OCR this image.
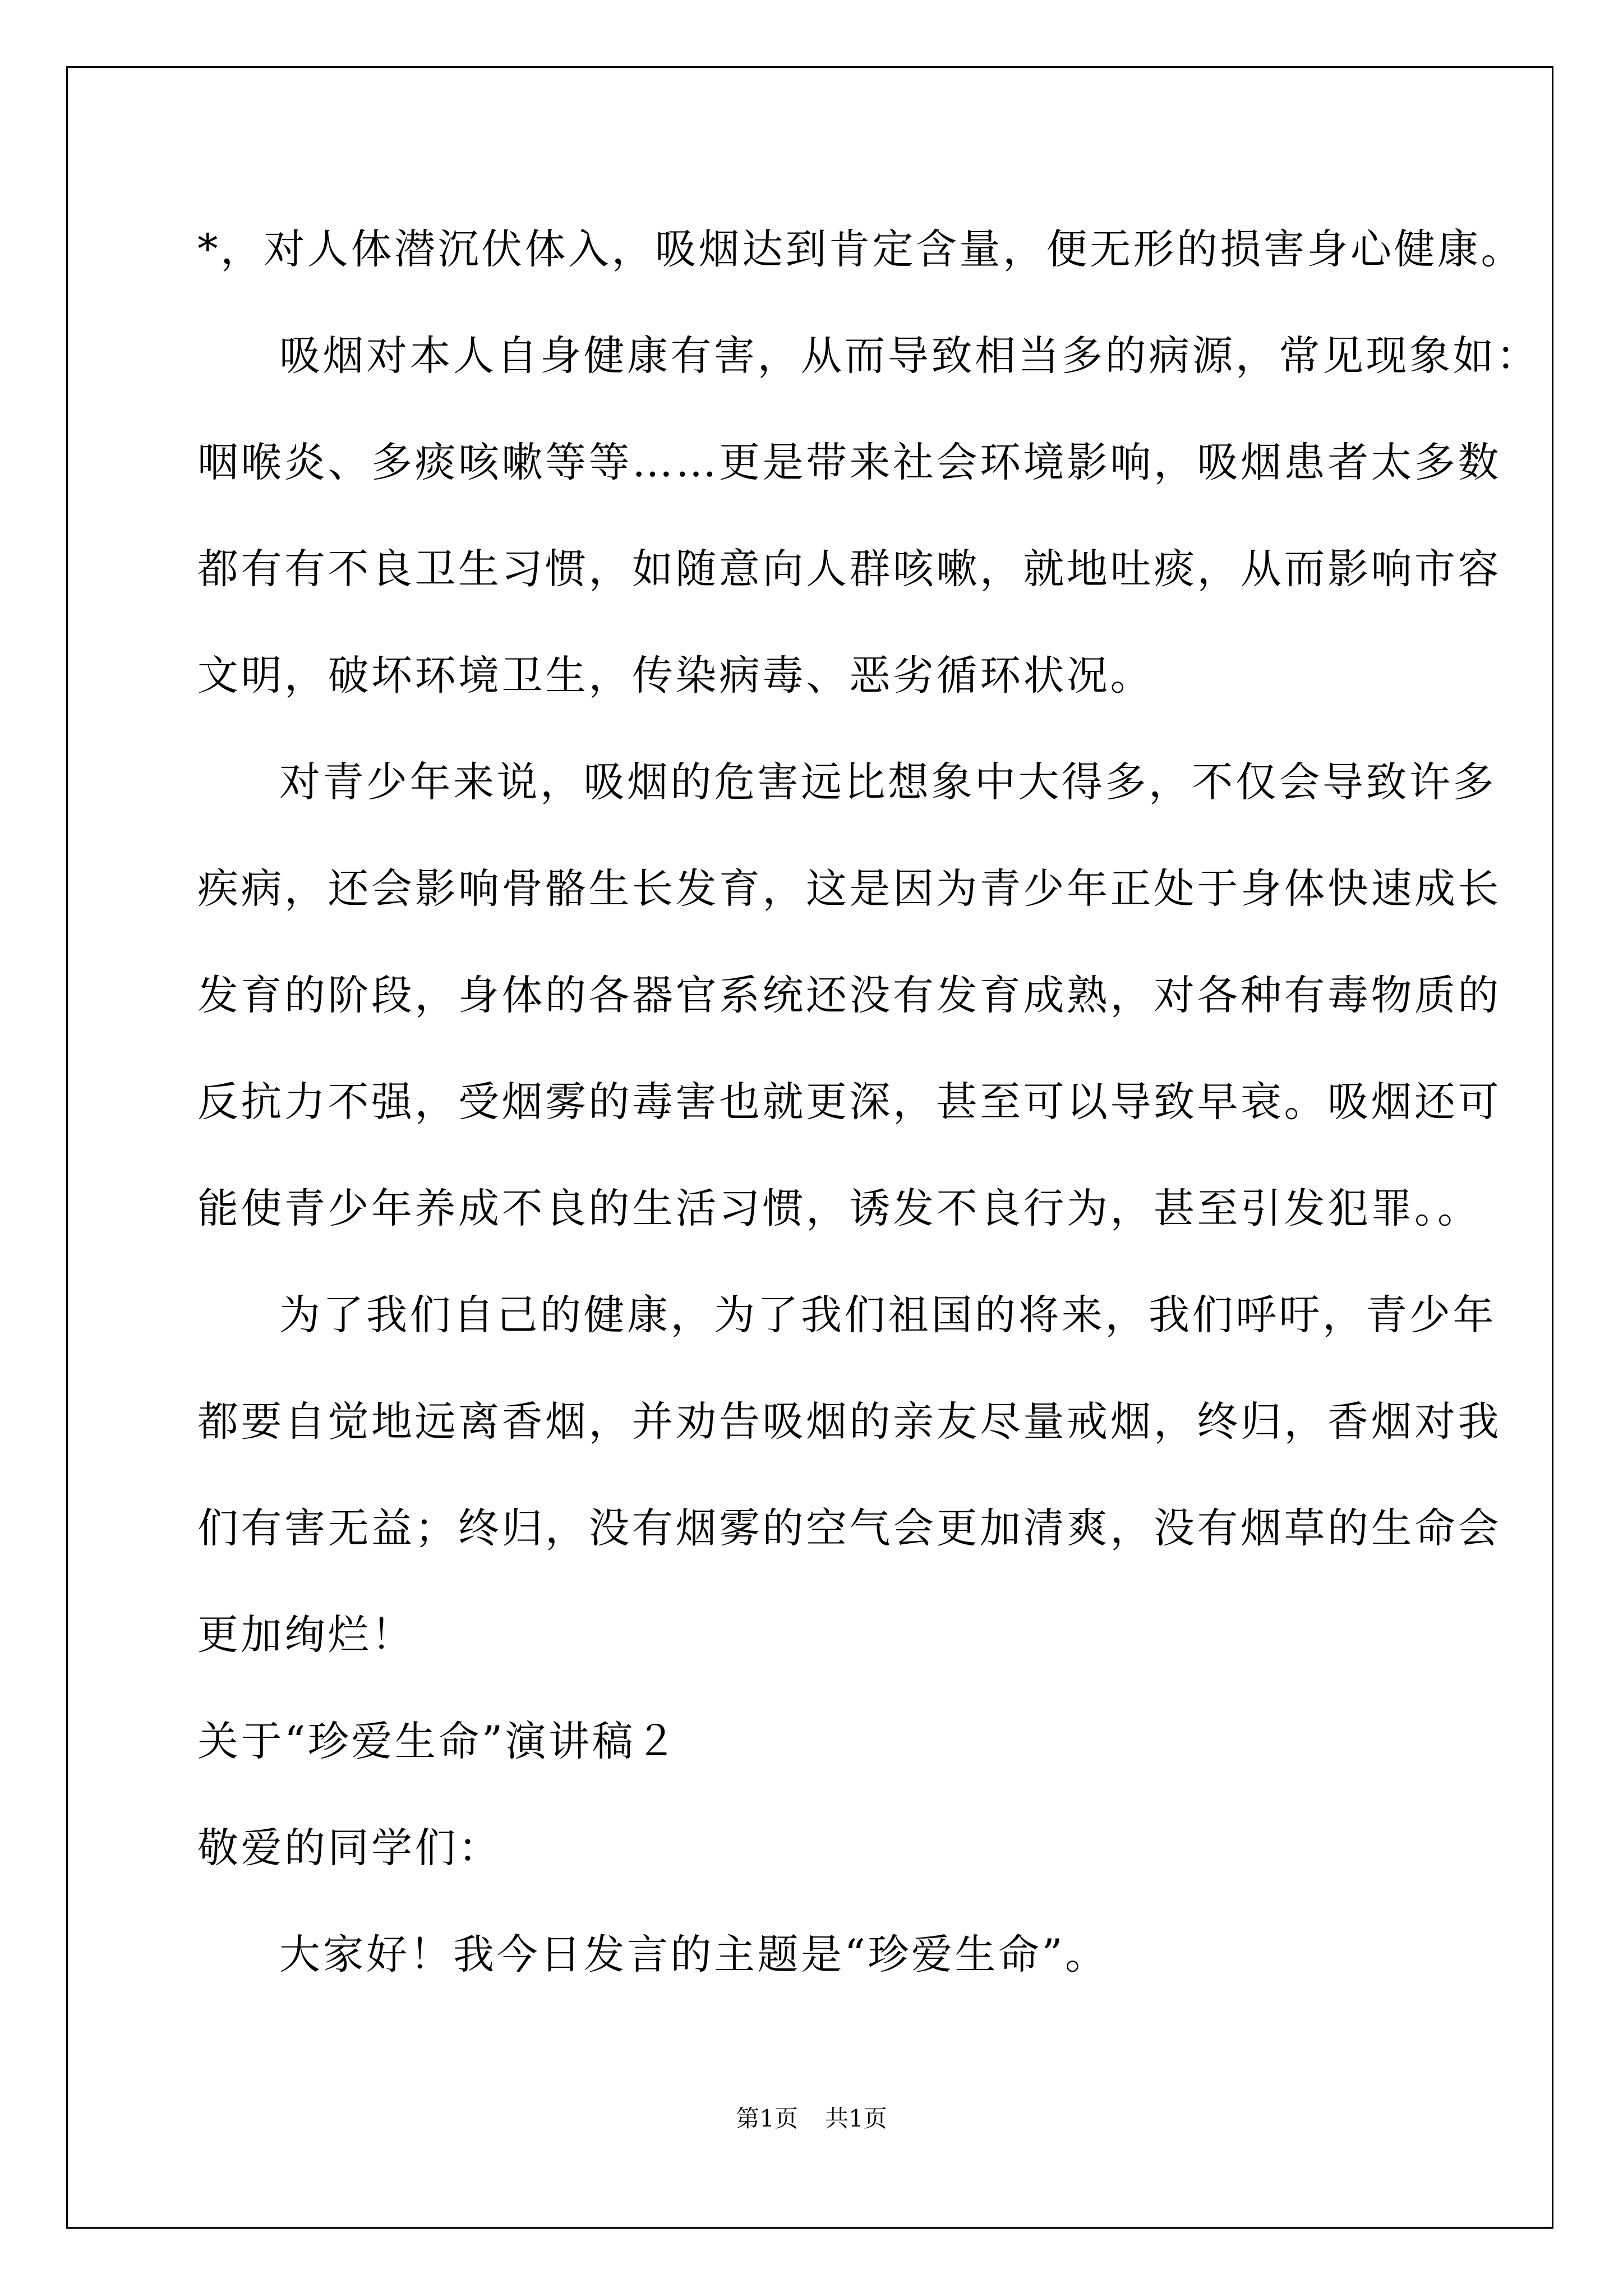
*，对人体潜沉伏体入，吸烟达到肯定含量，便无形的损害身心健康。
吸烟对本人自身健康有害，从而导致相当多的病源，常见现象如：
咽喉炎、多痰咳嗽等等……更是带来社会环境影响，吸烟患者太多数
都有有不良卫生习惯，如随意向人群咳嗽，就地吐痰，从而影响市容
文明，破坏环境卫生，传染病毒、恶劣循环状况。
对青少年来说，吸烟的危害远比想象中大得多，不仅会导致许多
疾病，还会影响骨骼生长发育，这是因为青少年正处于身体快速成长
发育的阶段，身体的各器官系统还没有发育成熟，对各种有毒物质的
反抗力不强，受烟雾的毒害也就更深，甚至可以导致早衰。吸烟还可
能使青少年养成不良的生活习惯，诱发不良行为，甚至引发犯罪。。
为了我们自己的健康，为了我们祖国的将来，我们呼吁，青少年
都要自觉地远离香烟，并劝告吸烟的亲友尽量戒烟，终归，香烟对我
们有害无益；终归，没有烟雾的空气会更加清爽，没有烟草的生命会
更加绚烂！
关于“珍爱生命”演讲稿２
敬爱的同学们：
大家好！我今日发言的主题是“珍爱生命”。
第1页 共1页
